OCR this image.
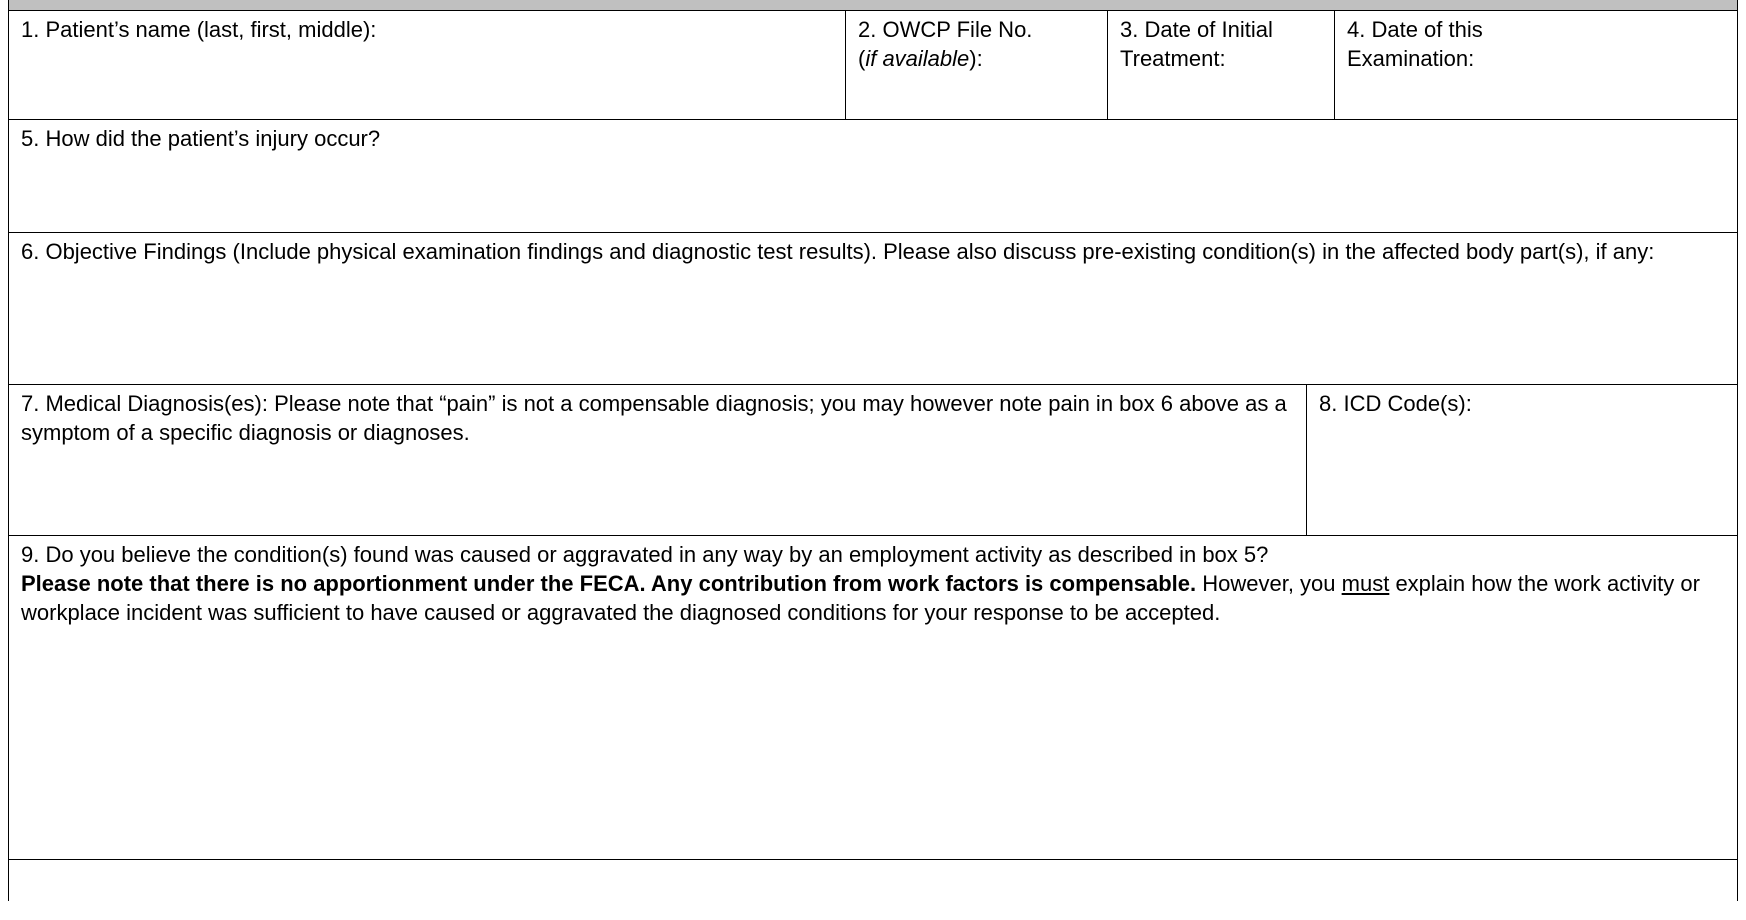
1. Patient’s name (last, first, middle):	2. OWCP File No.
(if available):
3. Date of Initial
Treatment:
4. Date of this
Examination:
5. How did the patient’s injury occur?
6. Objective Findings (Include physical examination findings and diagnostic test results). Please also discuss pre-existing condition(s) in the affected body part(s), if any:
7. Medical Diagnosis(es): Please note that “pain” is not a compensable diagnosis; you may however note pain in box 6 above as a symptom of a specific diagnosis or diagnoses.
8. ICD Code(s):
9. Do you believe the condition(s) found was caused or aggravated in any way by an employment activity as described in box 5?
Please note that there is no apportionment under the FECA. Any contribution from work factors is compensable. However, you must explain how the work activity or workplace incident was sufficient to have caused or aggravated the diagnosed conditions for your response to be accepted.
